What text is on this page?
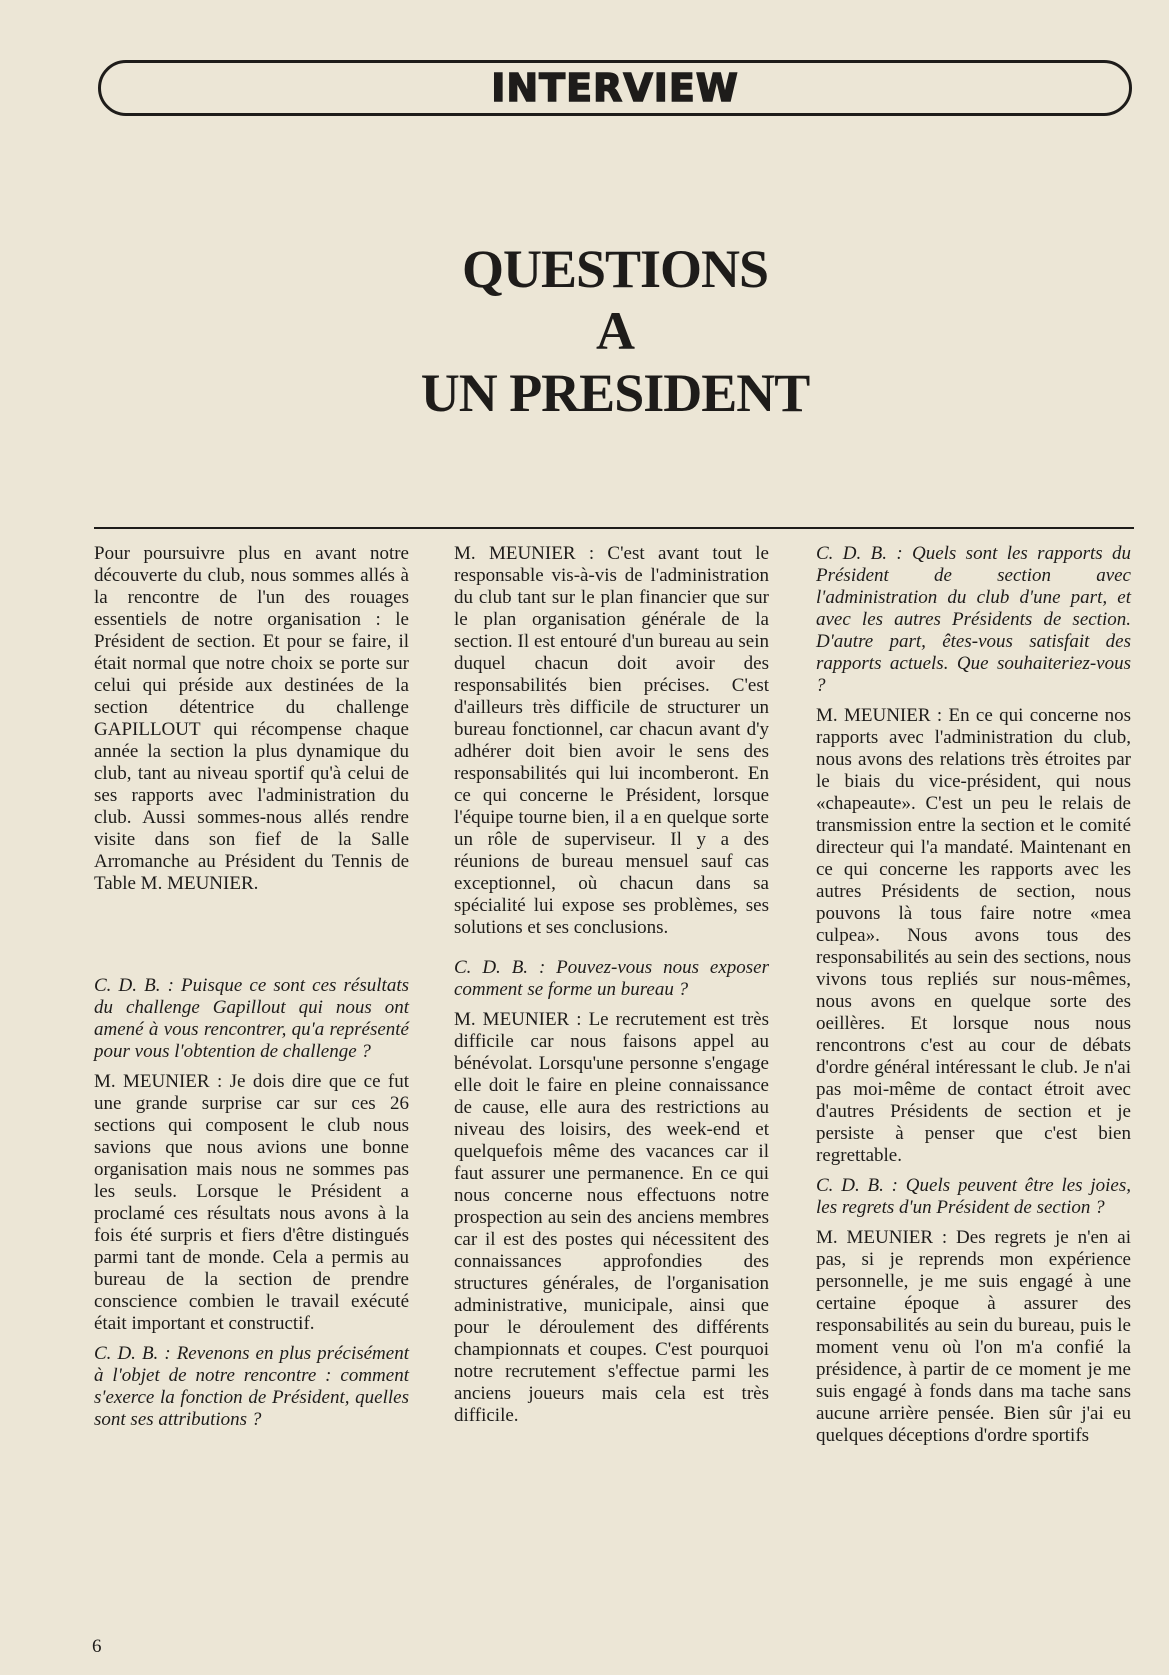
INTERVIEW
QUESTIONS
A
UN PRESIDENT

Pour poursuivre plus en avant notre découverte du club, nous sommes allés à la rencontre de l'un des rouages essentiels de notre organisation : le Président de section. Et pour se faire, il était normal que notre choix se porte sur celui qui préside aux destinées de la section détentrice du challenge GAPILLOUT qui récompense chaque année la section la plus dynamique du club, tant au niveau sportif qu'à celui de ses rapports avec l'administration du club. Aussi sommes-nous allés rendre visite dans son fief de la Salle Arromanche au Président du Tennis de Table M. MEUNIER.

C. D. B. : Puisque ce sont ces résultats du challenge Gapillout qui nous ont amené à vous rencontrer, qu'a représenté pour vous l'obtention de challenge ?

M. MEUNIER : Je dois dire que ce fut une grande surprise car sur ces 26 sections qui composent le club nous savions que nous avions une bonne organisation mais nous ne sommes pas les seuls. Lorsque le Président a proclamé ces résultats nous avons à la fois été surpris et fiers d'être distingués parmi tant de monde. Cela a permis au bureau de la section de prendre conscience combien le travail exécuté était important et constructif.

C. D. B. : Revenons en plus précisément à l'objet de notre rencontre : comment s'exerce la fonction de Président, quelles sont ses attributions ?

M. MEUNIER : C'est avant tout le responsable vis-à-vis de l'administration du club tant sur le plan financier que sur le plan organisation générale de la section. Il est entouré d'un bureau au sein duquel chacun doit avoir des responsabilités bien précises. C'est d'ailleurs très difficile de structurer un bureau fonctionnel, car chacun avant d'y adhérer doit bien avoir le sens des responsabilités qui lui incomberont. En ce qui concerne le Président, lorsque l'équipe tourne bien, il a en quelque sorte un rôle de superviseur. Il y a des réunions de bureau mensuel sauf cas exceptionnel, où chacun dans sa spécialité lui expose ses problèmes, ses solutions et ses conclusions.

C. D. B. : Pouvez-vous nous exposer comment se forme un bureau ?

M. MEUNIER : Le recrutement est très difficile car nous faisons appel au bénévolat. Lorsqu'une personne s'engage elle doit le faire en pleine connaissance de cause, elle aura des restrictions au niveau des loisirs, des week-end et quelquefois même des vacances car il faut assurer une permanence. En ce qui nous concerne nous effectuons notre prospection au sein des anciens membres car il est des postes qui nécessitent des connaissances approfondies des structures générales, de l'organisation administrative, municipale, ainsi que pour le déroulement des différents championnats et coupes. C'est pourquoi notre recrutement s'effectue parmi les anciens joueurs mais cela est très difficile.

C. D. B. : Quels sont les rapports du Président de section avec l'administration du club d'une part, et avec les autres Présidents de section. D'autre part, êtes-vous satisfait des rapports actuels. Que souhaiteriez-vous ?

M. MEUNIER : En ce qui concerne nos rapports avec l'administration du club, nous avons des relations très étroites par le biais du vice-président, qui nous «chapeaute». C'est un peu le relais de transmission entre la section et le comité directeur qui l'a mandaté. Maintenant en ce qui concerne les rapports avec les autres Présidents de section, nous pouvons là tous faire notre «mea culpea». Nous avons tous des responsabilités au sein des sections, nous vivons tous repliés sur nous-mêmes, nous avons en quelque sorte des oeillères. Et lorsque nous nous rencontrons c'est au cour de débats d'ordre général intéressant le club. Je n'ai pas moi-même de contact étroit avec d'autres Présidents de section et je persiste à penser que c'est bien regrettable.

C. D. B. : Quels peuvent être les joies, les regrets d'un Président de section ?

M. MEUNIER : Des regrets je n'en ai pas, si je reprends mon expérience personnelle, je me suis engagé à une certaine époque à assurer des responsabilités au sein du bureau, puis le moment venu où l'on m'a confié la présidence, à partir de ce moment je me suis engagé à fonds dans ma tache sans aucune arrière pensée. Bien sûr j'ai eu quelques déceptions d'ordre sportifs

6
